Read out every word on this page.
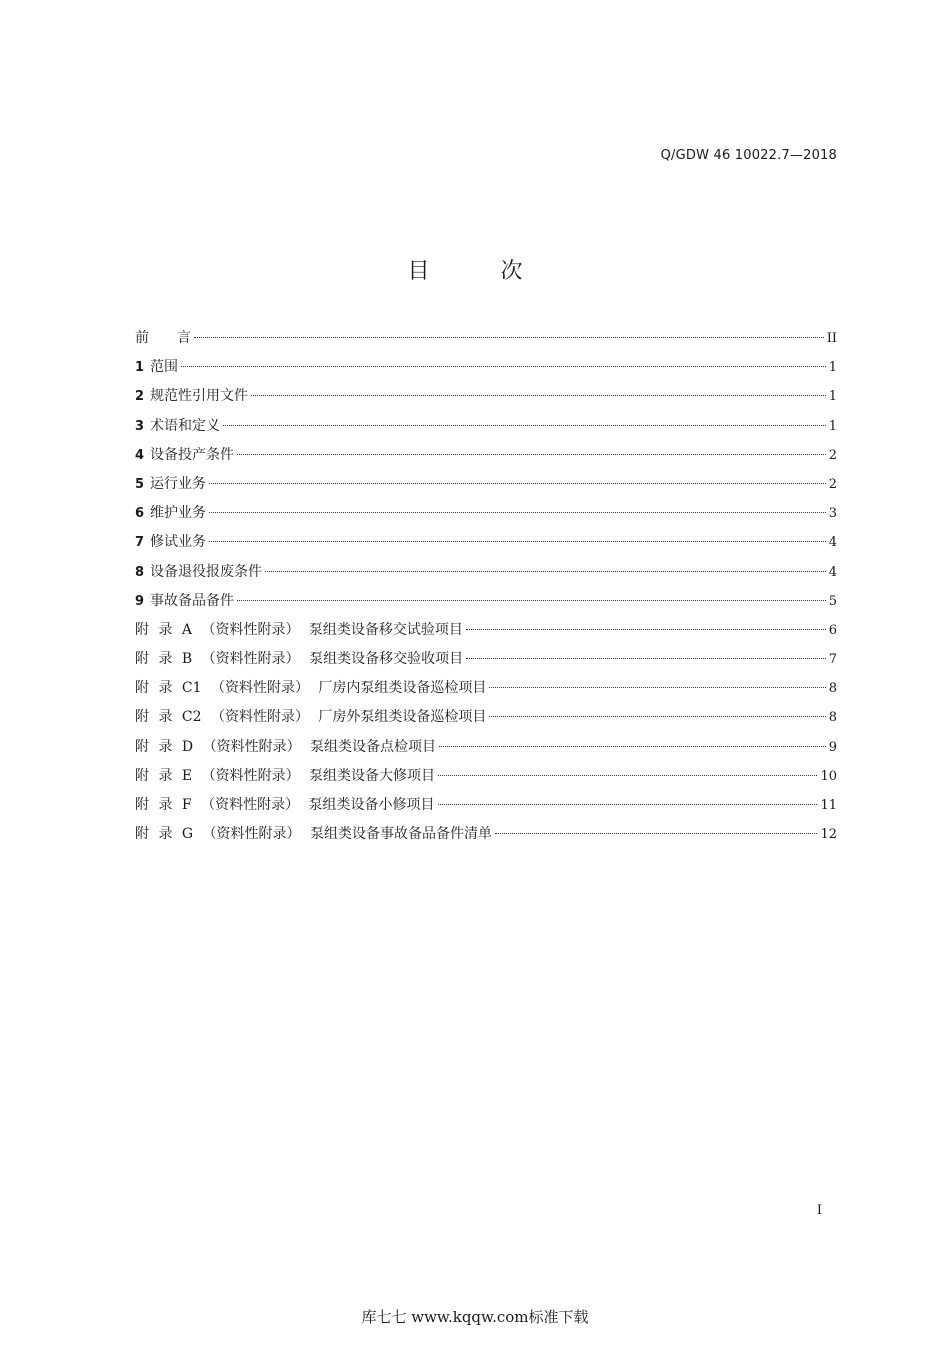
Q/GDW 46 10022.7—2018
目 次
前　　言	II
1 范围	1
2 规范性引用文件	1
3 术语和定义	1
4 设备投产条件	2
5 运行业务	2
6 维护业务	3
7 修试业务	4
8 设备退役报废条件	4
9 事故备品备件	5
附 录 A （资料性附录） 泵组类设备移交试验项目	6
附 录 B （资料性附录） 泵组类设备移交验收项目	7
附 录 C1 （资料性附录） 厂房内泵组类设备巡检项目	8
附 录 C2 （资料性附录） 厂房外泵组类设备巡检项目	8
附 录 D （资料性附录） 泵组类设备点检项目	9
附 录 E （资料性附录） 泵组类设备大修项目	10
附 录 F （资料性附录） 泵组类设备小修项目	11
附 录 G （资料性附录） 泵组类设备事故备品备件清单	12
I
库七七 www.kqqw.com标准下载
